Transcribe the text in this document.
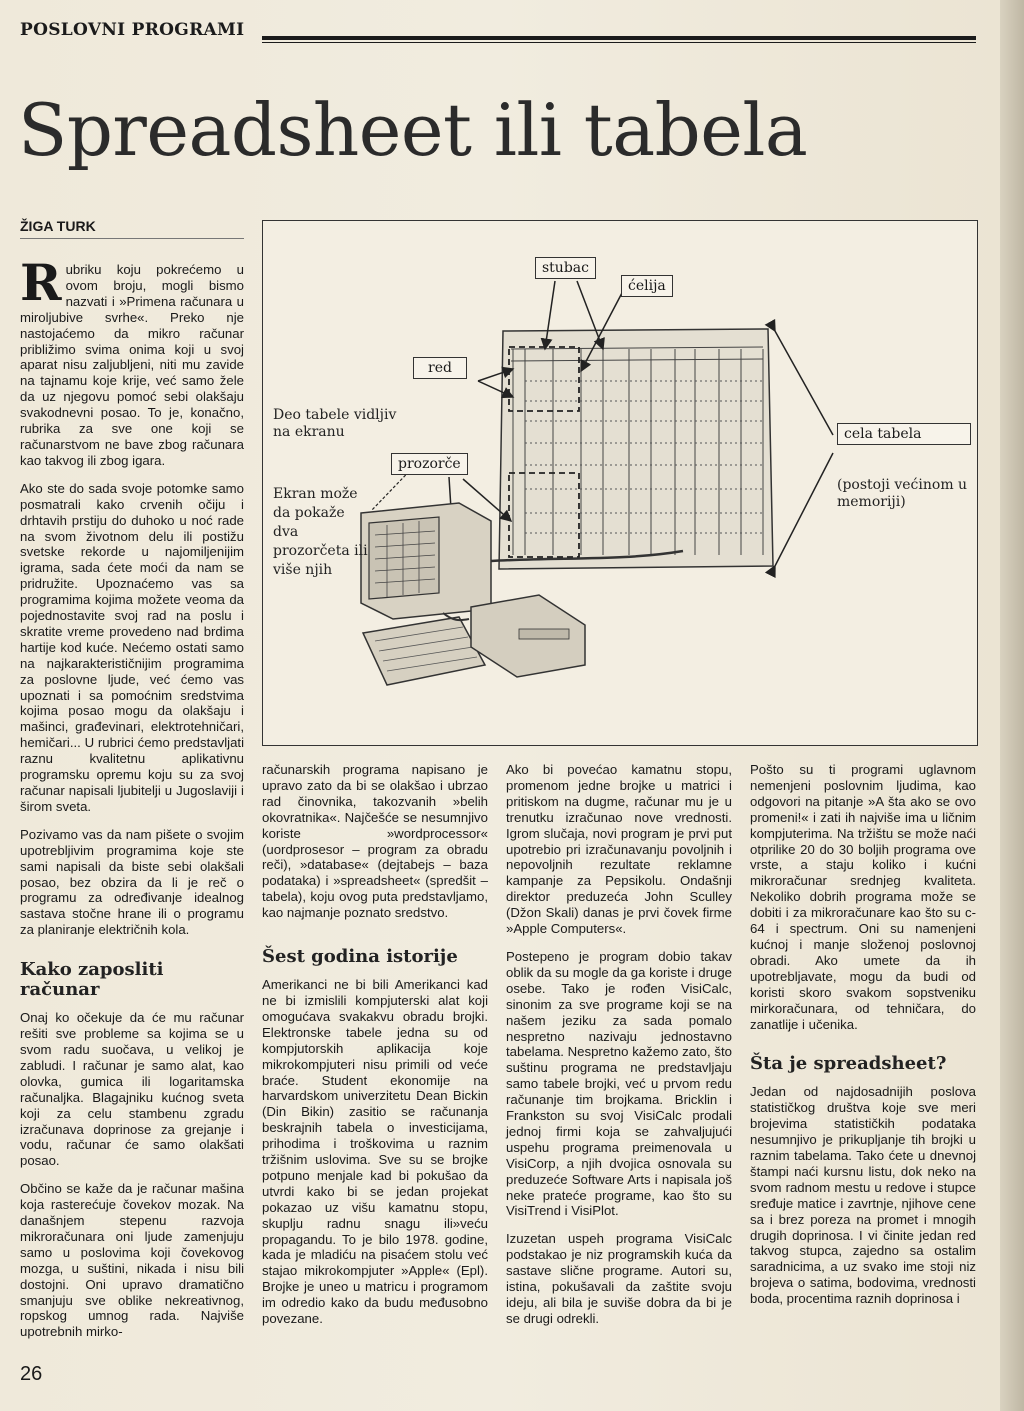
POSLOVNI PROGRAMI
Spreadsheet ili tabela
ŽIGA TURK

Rubriku koju pokrećemo u ovom broju, mogli bismo nazvati i »Primena računara u miroljubive svrhe«. Preko nje nastojaćemo da mikro računar približimo svima onima koji u svoj aparat nisu zaljubljeni, niti mu zavide na tajnamu koje krije, već samo žele da uz njegovu pomoć sebi olakšaju svakodnevni posao. To je, konačno, rubrika za sve one koji se računarstvom ne bave zbog računara kao takvog ili zbog igara.

Ako ste do sada svoje potomke samo posmatrali kako crvenih očiju i drhtavih prstiju do duhoko u noć rade na svom životnom delu ili postižu svetske rekorde u najomiljenijim igrama, sada ćete moći da nam se pridružite. Upoznaćemo vas sa programima kojima možete veoma da pojednostavite svoj rad na poslu i skratite vreme provedeno nad brdima hartije kod kuće. Nećemo ostati samo na najkarakterističnijim programima za poslovne ljude, već ćemo vas upoznati i sa pomoćnim sredstvima kojima posao mogu da olakšaju i mašinci, građevinari, elektrotehničari, hemičari... U rubrici ćemo predstavljati raznu kvalitetnu aplikativnu programsku opremu koju su za svoj računar napisali ljubitelji u Jugoslaviji i širom sveta.

Pozivamo vas da nam pišete o svojim upotrebljivim programima koje ste sami napisali da biste sebi olakšali posao, bez obzira da li je reč o programu za određivanje idealnog sastava stočne hrane ili o programu za planiranje električnih kola.

Kako zaposliti računar

Onaj ko očekuje da će mu računar rešiti sve probleme sa kojima se u svom radu suočava, u velikoj je zabludi. I računar je samo alat, kao olovka, gumica ili logaritamska računaljka. Blagajniku kućnog sveta koji za celu stambenu zgradu izračunava doprinose za grejanje i vodu, računar će samo olakšati posao.

Občino se kaže da je računar mašina koja rasterećuje čovekov mozak. Na današnjem stepenu razvoja mikroračunara oni ljude zamenjuju samo u poslovima koji čovekovog mozga, u suštini, nikada i nisu bili dostojni. Oni upravo dramatično smanjuju sve oblike nekreativnog, ropskog umnog rada. Najviše upotrebnih mirko-

stubac
ćelija
red
prozorče
cela tabela
(postoji većinom u memoriji)
Deo tabele vidljiv na ekranu
Ekran može da pokaže dva prozorčeta ili više njih

računarskih programa napisano je upravo zato da bi se olakšao i ubrzao rad činovnika, takozvanih »belih okovratnika«. Najčešće se nesumnjivo koriste »wordprocessor« (uordprosesor – program za obradu reči), »database« (dejtabejs – baza podataka) i »spreadsheet« (spredšit – tabela), koju ovog puta predstavljamo, kao najmanje poznato sredstvo.

Šest godina istorije

Amerikanci ne bi bili Amerikanci kad ne bi izmislili kompjuterski alat koji omogućava svakakvu obradu brojki. Elektronske tabele jedna su od kompjutorskih aplikacija koje mikrokompjuteri nisu primili od veće braće. Student ekonomije na harvardskom univerzitetu Dean Bickin (Din Bikin) zasitio se računanja beskrajnih tabela o investicijama, prihodima i troškovima u raznim tržišnim uslovima. Sve su se brojke potpuno menjale kad bi pokušao da utvrdi kako bi se jedan projekat pokazao uz višu kamatnu stopu, skuplju radnu snagu ili»veću propagandu. To je bilo 1978. godine, kada je mladiću na pisaćem stolu već stajao mikrokompjuter »Apple« (Epl). Brojke je uneo u matricu i programom im odredio kako da budu međusobno povezane.

Ako bi povećao kamatnu stopu, promenom jedne brojke u matrici i pritiskom na dugme, računar mu je u trenutku izračunao nove vrednosti. Igrom slučaja, novi program je prvi put upotrebio pri izračunavanju povoljnih i nepovoljnih rezultate reklamne kampanje za Pepsikolu. Ondašnji direktor preduzeća John Sculley (Džon Skali) danas je prvi čovek firme »Apple Computers«.

Postepeno je program dobio takav oblik da su mogle da ga koriste i druge osebe. Tako je rođen VisiCalc, sinonim za sve programe koji se na našem jeziku za sada pomalo nespretno nazivaju jednostavno tabelama. Nespretno kažemo zato, što suštinu programa ne predstavljaju samo tabele brojki, već u prvom redu računanje tim brojkama. Bricklin i Frankston su svoj VisiCalc prodali jednoj firmi koja se zahvaljujući uspehu programa preimenovala u VisiCorp, a njih dvojica osnovala su preduzeće Software Arts i napisala još neke prateće programe, kao što su VisiTrend i VisiPlot.

Izuzetan uspeh programa VisiCalc podstakao je niz programskih kuća da sastave slične programe. Autori su, istina, pokušavali da zaštite svoju ideju, ali bila je suviše dobra da bi je se drugi odrekli.

Pošto su ti programi uglavnom nemenjeni poslovnim ljudima, kao odgovori na pitanje »A šta ako se ovo promeni!« i zati ih najviše ima u ličnim kompjuterima. Na tržištu se može naći otprilike 20 do 30 boljih programa ove vrste, a staju koliko i kućni mikroračunar srednjeg kvaliteta. Nekoliko dobrih programa može se dobiti i za mikroračunare kao što su c-64 i spectrum. Oni su namenjeni kućnoj i manje složenoj poslovnoj obradi. Ako umete da ih upotrebljavate, mogu da budi od koristi skoro svakom sopstveniku mirkoračunara, od tehničara, do zanatlije i učenika.

Šta je spreadsheet?

Jedan od najdosadnijih poslova statističkog društva koje sve meri brojevima statističkih podataka nesumnjivo je prikupljanje tih brojki u raznim tabelama. Tako ćete u dnevnoj štampi naći kursnu listu, dok neko na svom radnom mestu u redove i stupce sređuje matice i zavrtnje, njihove cene sa i brez poreza na promet i mnogih drugih doprinosa. I vi činite jedan red takvog stupca, zajedno sa ostalim saradnicima, a uz svako ime stoji niz brojeva o satima, bodovima, vrednosti boda, procentima raznih doprinosa i

26
